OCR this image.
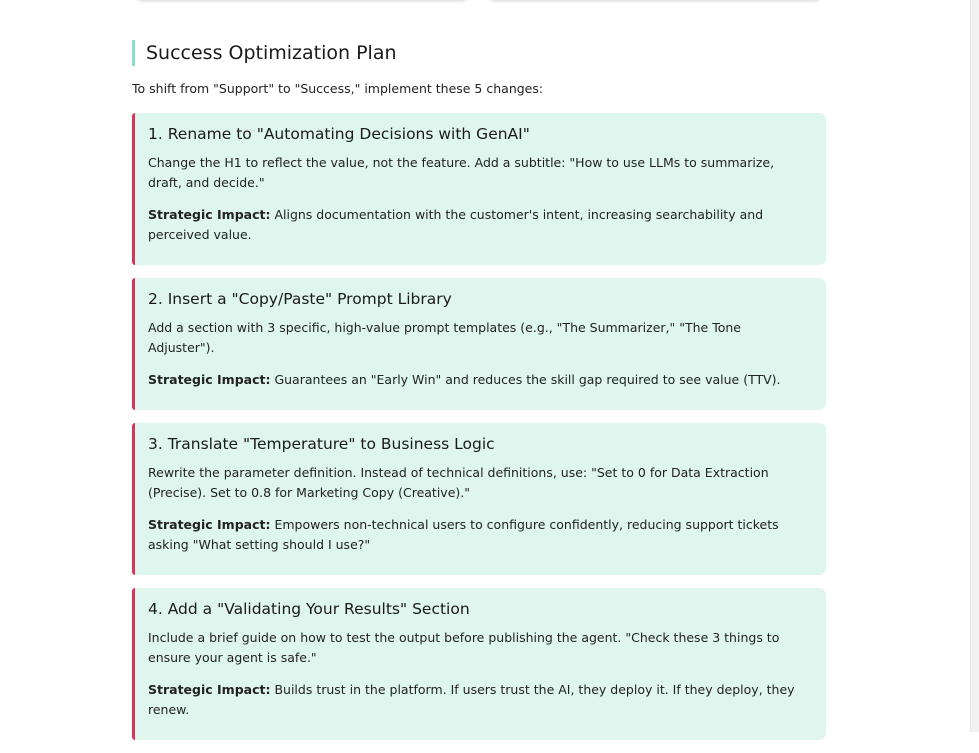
Success Optimization Plan

To shift from "Support" to "Success," implement these 5 changes:

1. Rename to "Automating Decisions with GenAI"

Change the H1 to reflect the value, not the feature. Add a subtitle: "How to use LLMs to summarize, draft, and decide."

Strategic Impact: Aligns documentation with the customer's intent, increasing searchability and perceived value.

2. Insert a "Copy/Paste" Prompt Library

Add a section with 3 specific, high-value prompt templates (e.g., "The Summarizer," "The Tone Adjuster").

Strategic Impact: Guarantees an "Early Win" and reduces the skill gap required to see value (TTV).

3. Translate "Temperature" to Business Logic

Rewrite the parameter definition. Instead of technical definitions, use: "Set to 0 for Data Extraction (Precise). Set to 0.8 for Marketing Copy (Creative)."

Strategic Impact: Empowers non-technical users to configure confidently, reducing support tickets asking "What setting should I use?"

4. Add a "Validating Your Results" Section

Include a brief guide on how to test the output before publishing the agent. "Check these 3 things to ensure your agent is safe."

Strategic Impact: Builds trust in the platform. If users trust the AI, they deploy it. If they deploy, they renew.
